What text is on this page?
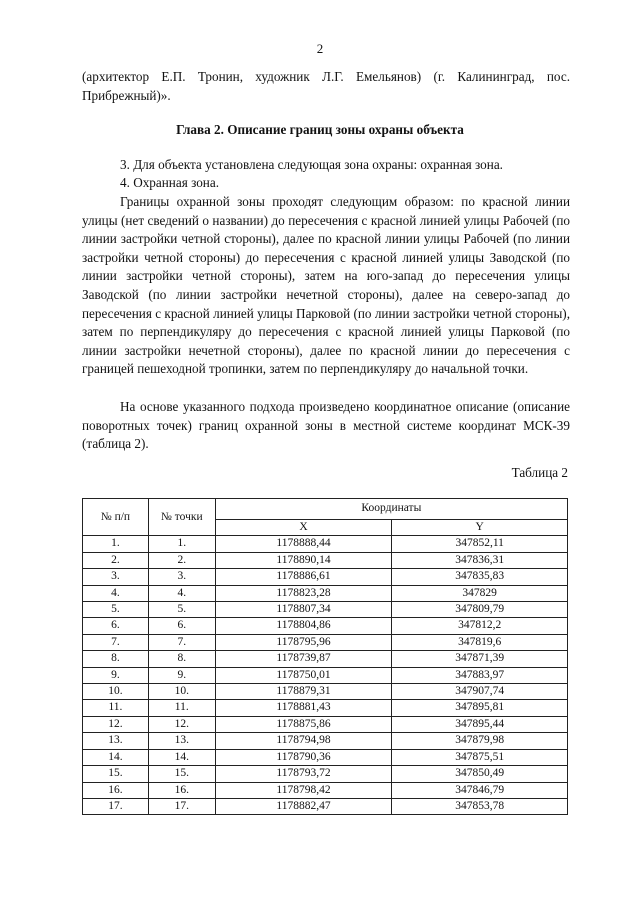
2
(архитектор Е.П. Тронин, художник Л.Г. Емельянов) (г. Калининград, пос. Прибрежный)».
Глава 2. Описание границ зоны охраны объекта
3. Для объекта установлена следующая зона охраны: охранная зона.
4. Охранная зона.
Границы охранной зоны проходят следующим образом: по красной линии улицы (нет сведений о названии) до пересечения с красной линией улицы Рабочей (по линии застройки четной стороны), далее по красной линии улицы Рабочей (по линии застройки четной стороны) до пересечения с красной линией улицы Заводской (по линии застройки четной стороны), затем на юго-запад до пересечения улицы Заводской (по линии застройки нечетной стороны), далее на северо-запад до пересечения с красной линией улицы Парковой (по линии застройки четной стороны), затем по перпендикуляру до пересечения с красной линией улицы Парковой (по линии застройки нечетной стороны), далее по красной линии до пересечения с границей пешеходной тропинки, затем по перпендикуляру до начальной точки.
На основе указанного подхода произведено координатное описание (описание поворотных точек) границ охранной зоны в местной системе координат МСК-39 (таблица 2).
Таблица 2
№ п/п	№ точки	Координаты	
		X	Y
1.	1.	1178888,44	347852,11
2.	2.	1178890,14	347836,31
3.	3.	1178886,61	347835,83
4.	4.	1178823,28	347829
5.	5.	1178807,34	347809,79
6.	6.	1178804,86	347812,2
7.	7.	1178795,96	347819,6
8.	8.	1178739,87	347871,39
9.	9.	1178750,01	347883,97
10.	10.	1178879,31	347907,74
11.	11.	1178881,43	347895,81
12.	12.	1178875,86	347895,44
13.	13.	1178794,98	347879,98
14.	14.	1178790,36	347875,51
15.	15.	1178793,72	347850,49
16.	16.	1178798,42	347846,79
17.	17.	1178882,47	347853,78
